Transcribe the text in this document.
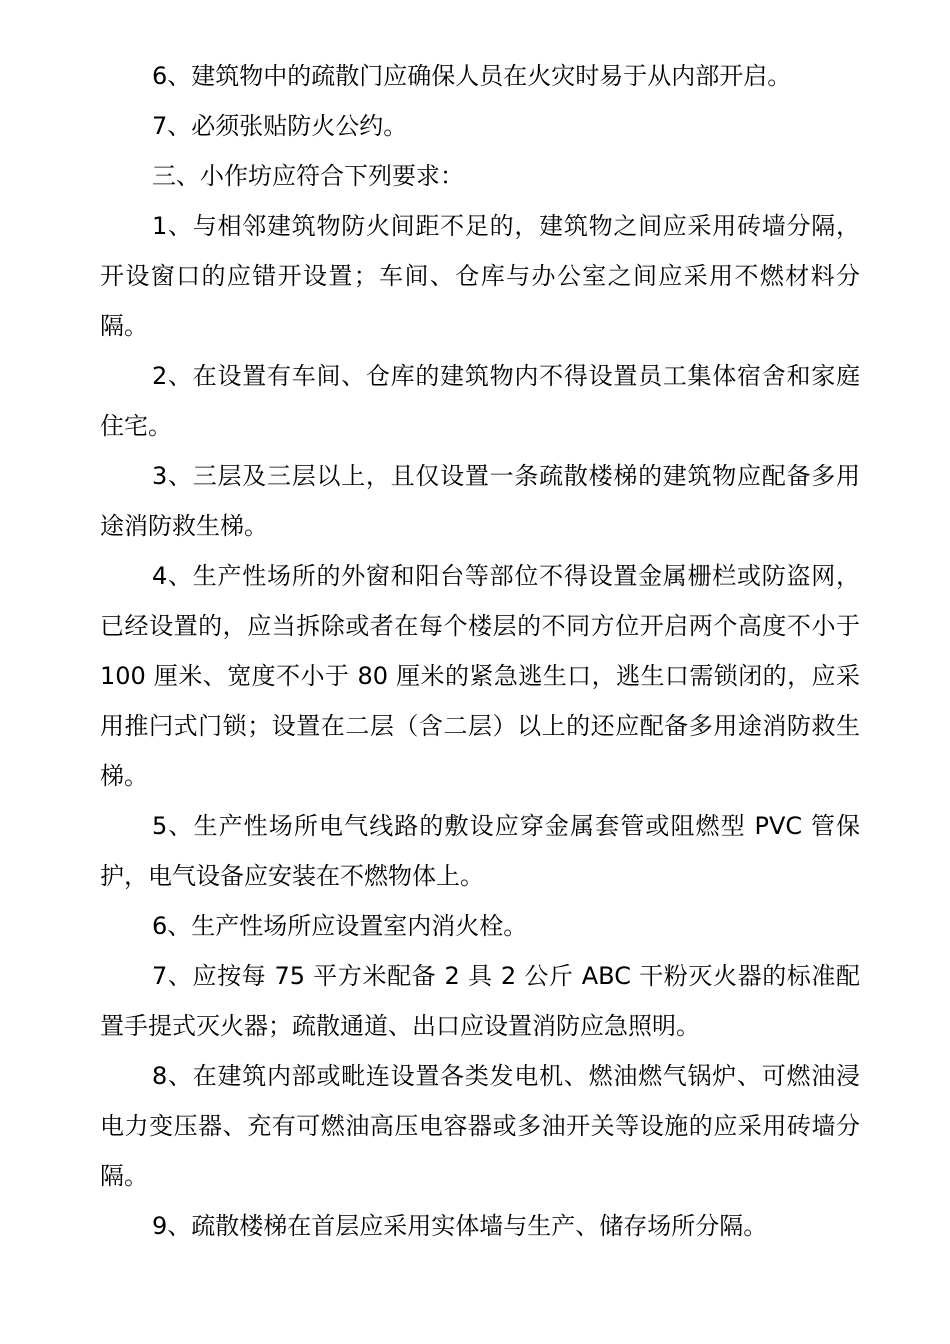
6、建筑物中的疏散门应确保人员在火灾时易于从内部开启。

7、必须张贴防火公约。

三、小作坊应符合下列要求：

1、与相邻建筑物防火间距不足的，建筑物之间应采用砖墙分隔，开设窗口的应错开设置；车间、仓库与办公室之间应采用不燃材料分隔。

2、在设置有车间、仓库的建筑物内不得设置员工集体宿舍和家庭住宅。

3、三层及三层以上，且仅设置一条疏散楼梯的建筑物应配备多用途消防救生梯。

4、生产性场所的外窗和阳台等部位不得设置金属栅栏或防盗网，已经设置的，应当拆除或者在每个楼层的不同方位开启两个高度不小于 100 厘米、宽度不小于 80 厘米的紧急逃生口，逃生口需锁闭的，应采用推闩式门锁；设置在二层（含二层）以上的还应配备多用途消防救生梯。

5、生产性场所电气线路的敷设应穿金属套管或阻燃型 PVC 管保护，电气设备应安装在不燃物体上。

6、生产性场所应设置室内消火栓。

7、应按每 75 平方米配备 2 具 2 公斤 ABC 干粉灭火器的标准配置手提式灭火器；疏散通道、出口应设置消防应急照明。

8、在建筑内部或毗连设置各类发电机、燃油燃气锅炉、可燃油浸电力变压器、充有可燃油高压电容器或多油开关等设施的应采用砖墙分隔。

9、疏散楼梯在首层应采用实体墙与生产、储存场所分隔。
